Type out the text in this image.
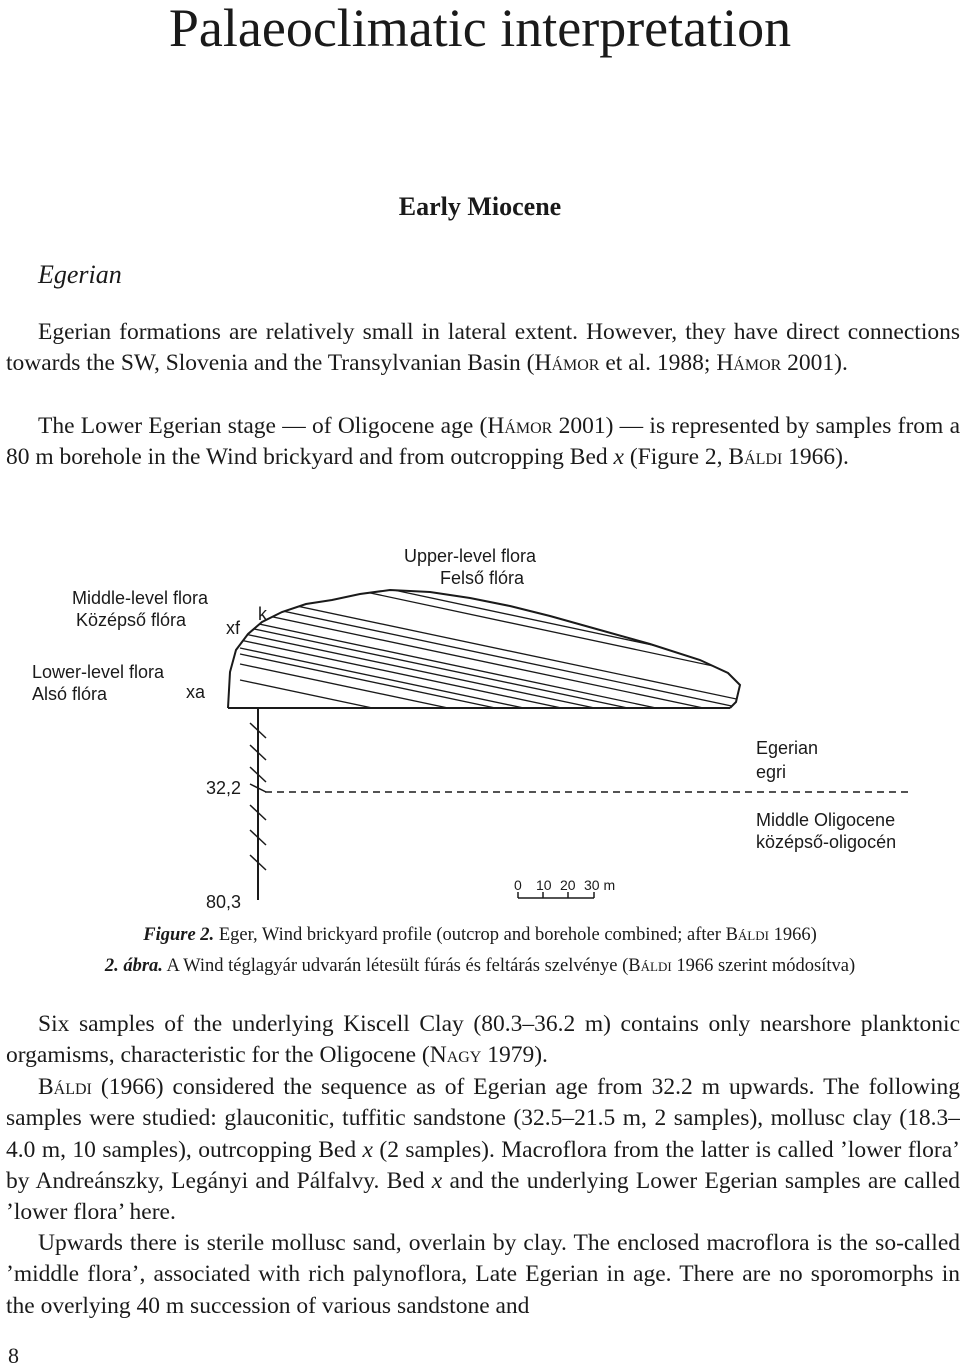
Palaeoclimatic interpretation
Early Miocene
Egerian

Egerian formations are relatively small in lateral extent. However, they have direct connections towards the SW, Slovenia and the Transylvanian Basin (Hámor et al. 1988; Hámor 2001).

The Lower Egerian stage — of Oligocene age (Hámor 2001) — is represented by samples from a 80 m borehole in the Wind brickyard and from outcropping Bed x (Figure 2, Báldi 1966).

Upper-level flora
Felső flóra
Middle-level flora
Középső flóra xf
k
Lower-level flora
Alsó flóra	xa
32,2
80,3
Egerian
egri
Middle Oligocene
középső-oligocén
0 10 20 30 m
Figure 2. Eger, Wind brickyard profile (outcrop and borehole combined; after Báldi 1966)
2. ábra. A Wind téglagyár udvarán létesült fúrás és feltárás szelvénye (Báldi 1966 szerint módosítva)

Six samples of the underlying Kiscell Clay (80.3–36.2 m) contains only nearshore planktonic orgamisms, characteristic for the Oligocene (Nagy 1979).

Báldi (1966) considered the sequence as of Egerian age from 32.2 m upwards. The following samples were studied: glauconitic, tuffitic sandstone (32.5–21.5 m, 2 samples), mollusc clay (18.3–4.0 m, 10 samples), outrcopping Bed x (2 samples). Macroflora from the latter is called ’lower flora’ by Andreánszky, Legányi and Pálfalvy. Bed x and the underlying Lower Egerian samples are called ’lower flora’ here.

Upwards there is sterile mollusc sand, overlain by clay. The enclosed macroflora is the so-called ’middle flora’, associated with rich palynoflora, Late Egerian in age. There are no sporomorphs in the overlying 40 m succession of various sandstone and

8
